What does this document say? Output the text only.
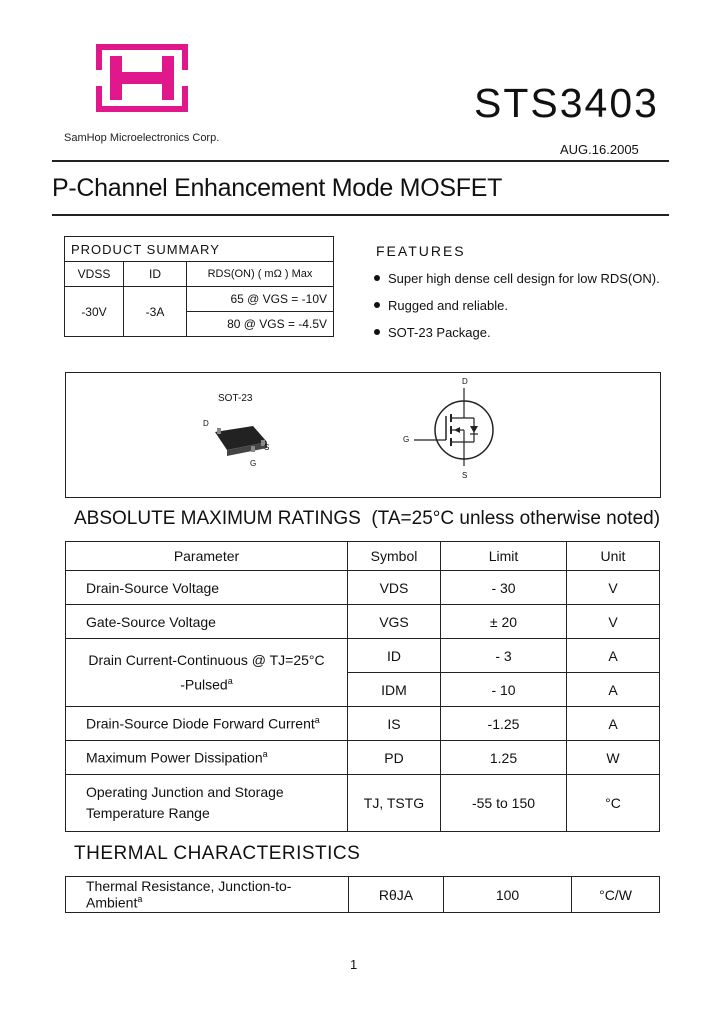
SamHop Microelectronics Corp.
STS3403
AUG.16.2005
P-Channel Enhancement Mode MOSFET
PRODUCT SUMMARY		
VDSS	ID	RDS(ON) ( mΩ ) Max
-30V	-3A	65 @ VGS = -10V
		80 @ VGS = -4.5V
FEATURES
Super high dense cell design for low RDS(ON).
Rugged and reliable.
SOT-23 Package.
SOT-23
D
S
G
D
G
S
ABSOLUTE MAXIMUM RATINGS (TA=25°C unless otherwise noted)
Parameter	Symbol	Limit	Unit
Drain-Source Voltage	VDS	- 30	V
Gate-Source Voltage	VGS	± 20	V

Drain Current-Continuous @ TJ=25°C
-Pulsed$^a$	ID	- 3	A
	IDM	- 10	A
Drain-Source Diode Forward Current$^a$	IS	-1.25	A
Maximum Power Dissipation$^a$	PD	1.25	W

Operating Junction and Storage
Temperature Range	TJ, TSTG	-55 to 150	°C
THERMAL CHARACTERISTICS
Thermal Resistance, Junction-to-Ambient$^a$	RθJA	100	°C/W
1
